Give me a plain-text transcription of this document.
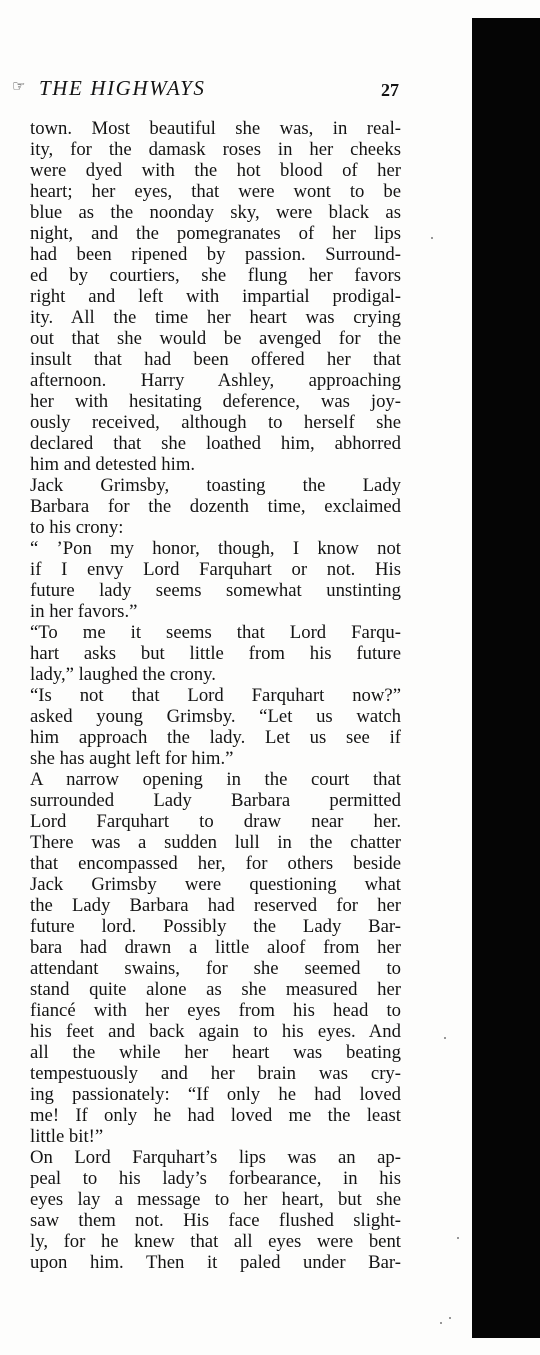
☞ THE HIGHWAYS	27
town. Most beautiful she was, in real-
ity, for the damask roses in her cheeks
were dyed with the hot blood of her
heart; her eyes, that were wont to be
blue as the noonday sky, were black as
night, and the pomegranates of her lips
had been ripened by passion. Surround-
ed by courtiers, she flung her favors
right and left with impartial prodigal-
ity. All the time her heart was crying
out that she would be avenged for the
insult that had been offered her that
afternoon. Harry Ashley, approaching
her with hesitating deference, was joy-
ously received, although to herself she
declared that she loathed him, abhorred
him and detested him.
Jack Grimsby, toasting the Lady
Barbara for the dozenth time, exclaimed
to his crony:
“ ’Pon my honor, though, I know not
if I envy Lord Farquhart or not. His
future lady seems somewhat unstinting
in her favors.”
“To me it seems that Lord Farqu-
hart asks but little from his future
lady,” laughed the crony.
“Is not that Lord Farquhart now?”
asked young Grimsby. “Let us watch
him approach the lady. Let us see if
she has aught left for him.”
A narrow opening in the court that
surrounded Lady Barbara permitted
Lord Farquhart to draw near her.
There was a sudden lull in the chatter
that encompassed her, for others beside
Jack Grimsby were questioning what
the Lady Barbara had reserved for her
future lord. Possibly the Lady Bar-
bara had drawn a little aloof from her
attendant swains, for she seemed to
stand quite alone as she measured her
fiancé with her eyes from his head to
his feet and back again to his eyes. And
all the while her heart was beating
tempestuously and her brain was cry-
ing passionately: “If only he had loved
me! If only he had loved me the least
little bit!”
On Lord Farquhart’s lips was an ap-
peal to his lady’s forbearance, in his
eyes lay a message to her heart, but she
saw them not. His face flushed slight-
ly, for he knew that all eyes were bent
upon him. Then it paled under Bar-
